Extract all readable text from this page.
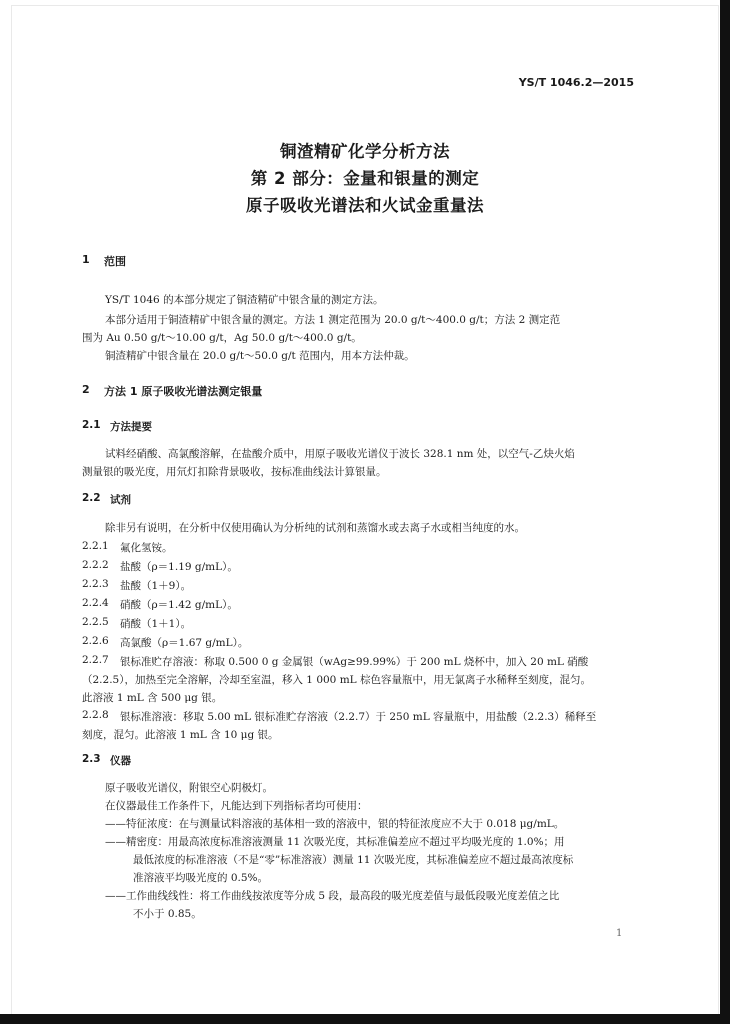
YS/T 1046.2—2015
铜渣精矿化学分析方法
第 2 部分：金量和银量的测定
原子吸收光谱法和火试金重量法
1 范围
YS/T 1046 的本部分规定了铜渣精矿中银含量的测定方法。
本部分适用于铜渣精矿中银含量的测定。方法 1 测定范围为 20.0 g/t～400.0 g/t；方法 2 测定范
围为 Au 0.50 g/t～10.00 g/t，Ag 50.0 g/t～400.0 g/t。
铜渣精矿中银含量在 20.0 g/t～50.0 g/t 范围内，用本方法仲裁。
2 方法 1 原子吸收光谱法测定银量
2.1 方法提要
试料经硝酸、高氯酸溶解，在盐酸介质中，用原子吸收光谱仪于波长 328.1 nm 处，以空气-乙炔火焰
测量银的吸光度，用氘灯扣除背景吸收，按标准曲线法计算银量。
2.2 试剂
除非另有说明，在分析中仅使用确认为分析纯的试剂和蒸馏水或去离子水或相当纯度的水。
2.2.1 氟化氢铵。
2.2.2 盐酸（ρ＝1.19 g/mL）。
2.2.3 盐酸（1＋9）。
2.2.4 硝酸（ρ＝1.42 g/mL）。
2.2.5 硝酸（1＋1）。
2.2.6 高氯酸（ρ＝1.67 g/mL）。
2.2.7 银标准贮存溶液：称取 0.500 0 g 金属银（wAg≥99.99%）于 200 mL 烧杯中，加入 20 mL 硝酸
（2.2.5），加热至完全溶解，冷却至室温，移入 1 000 mL 棕色容量瓶中，用无氯离子水稀释至刻度，混匀。
此溶液 1 mL 含 500 μg 银。
2.2.8 银标准溶液：移取 5.00 mL 银标准贮存溶液（2.2.7）于 250 mL 容量瓶中，用盐酸（2.2.3）稀释至
刻度，混匀。此溶液 1 mL 含 10 μg 银。
2.3 仪器
原子吸收光谱仪，附银空心阴极灯。
在仪器最佳工作条件下，凡能达到下列指标者均可使用：
——特征浓度：在与测量试料溶液的基体相一致的溶液中，银的特征浓度应不大于 0.018 μg/mL。
——精密度：用最高浓度标准溶液测量 11 次吸光度，其标准偏差应不超过平均吸光度的 1.0%；用
最低浓度的标准溶液（不是“零”标准溶液）测量 11 次吸光度，其标准偏差应不超过最高浓度标
准溶液平均吸光度的 0.5%。
——工作曲线线性：将工作曲线按浓度等分成 5 段，最高段的吸光度差值与最低段吸光度差值之比
不小于 0.85。
1
